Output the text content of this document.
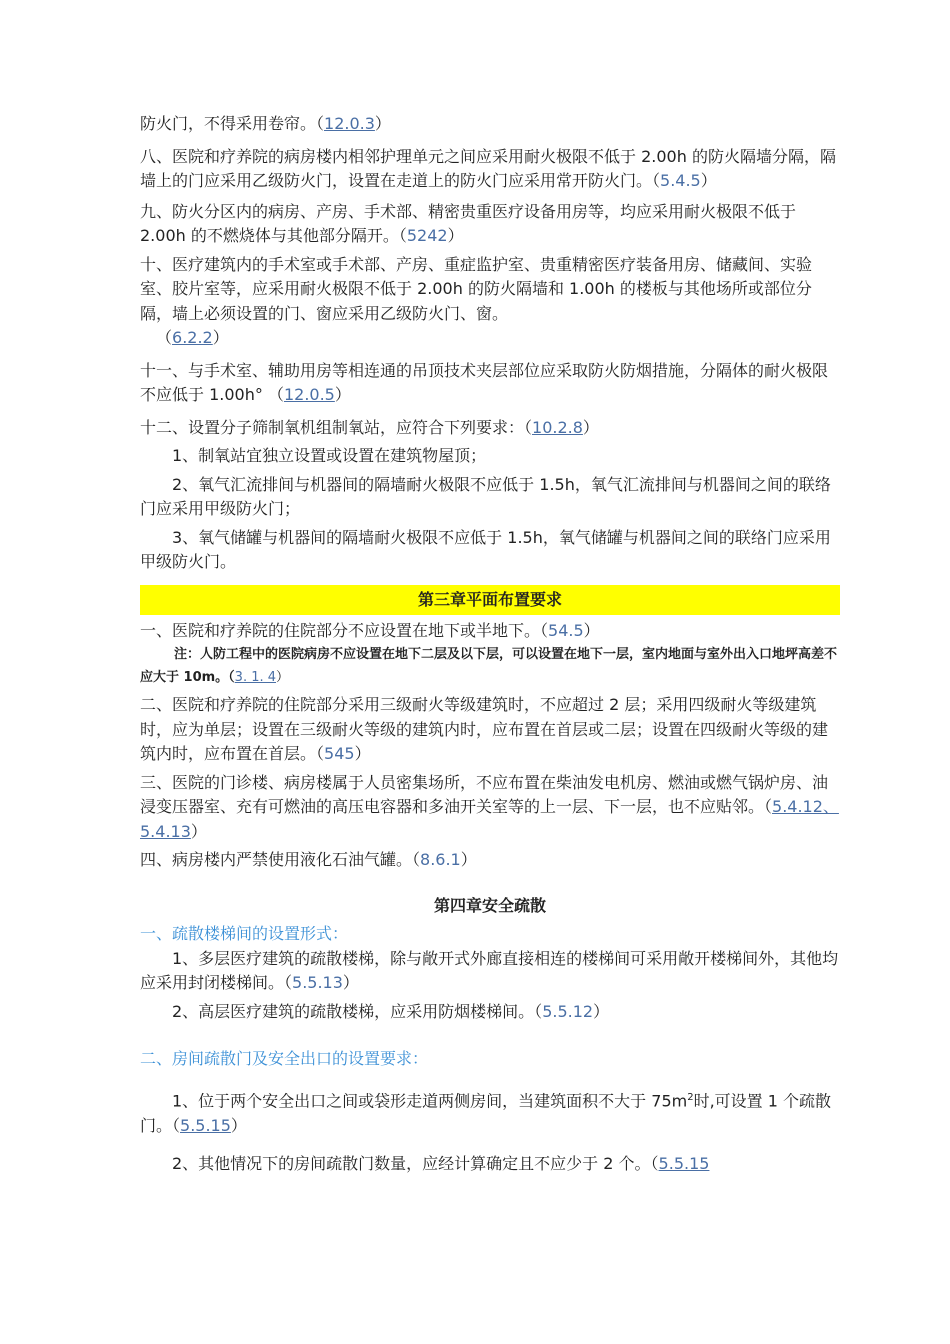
防火门，不得采用卷帘。（12.0.3）

八、医院和疗养院的病房楼内相邻护理单元之间应采用耐火极限不低于 2.00h 的防火隔墙分隔，隔墙上的门应采用乙级防火门，设置在走道上的防火门应采用常开防火门。（5.4.5）

九、防火分区内的病房、产房、手术部、精密贵重医疗设备用房等，均应采用耐火极限不低于 2.00h 的不燃烧体与其他部分隔开。（5242）

十、医疗建筑内的手术室或手术部、产房、重症监护室、贵重精密医疗装备用房、储藏间、实验室、胶片室等，应采用耐火极限不低于 2.00h 的防火隔墙和 1.00h 的楼板与其他场所或部位分隔，墙上必须设置的门、窗应采用乙级防火门、窗。
（6.2.2）

十一、与手术室、辅助用房等相连通的吊顶技术夹层部位应采取防火防烟措施，分隔体的耐火极限不应低于 1.00h° （12.0.5）

十二、设置分子筛制氧机组制氧站，应符合下列要求：（10.2.8）

1、制氧站宜独立设置或设置在建筑物屋顶；

2、氧气汇流排间与机器间的隔墙耐火极限不应低于 1.5h，氧气汇流排间与机器间之间的联络门应采用甲级防火门；

3、氧气储罐与机器间的隔墙耐火极限不应低于 1.5h，氧气储罐与机器间之间的联络门应采用甲级防火门。

第三章平面布置要求

一、医院和疗养院的住院部分不应设置在地下或半地下。（54.5）

注：人防工程中的医院病房不应设置在地下二层及以下层，可以设置在地下一层，室内地面与室外出入口地坪高差不应大于 10m。（3. 1. 4）

二、医院和疗养院的住院部分采用三级耐火等级建筑时，不应超过 2 层；采用四级耐火等级建筑时，应为单层；设置在三级耐火等级的建筑内时，应布置在首层或二层；设置在四级耐火等级的建筑内时，应布置在首层。（545）

三、医院的门诊楼、病房楼属于人员密集场所，不应布置在柴油发电机房、燃油或燃气锅炉房、油浸变压器室、充有可燃油的高压电容器和多油开关室等的上一层、下一层，也不应贴邻。（5.4.12、5.4.13）

四、病房楼内严禁使用液化石油气罐。（8.6.1）

第四章安全疏散

一、疏散楼梯间的设置形式：

1、多层医疗建筑的疏散楼梯，除与敞开式外廊直接相连的楼梯间可采用敞开楼梯间外，其他均应采用封闭楼梯间。（5.5.13）

2、高层医疗建筑的疏散楼梯，应采用防烟楼梯间。（5.5.12）

二、房间疏散门及安全出口的设置要求：

1、位于两个安全出口之间或袋形走道两侧房间，当建筑面积不大于 $75m^2$时,可设置 1 个疏散门。（5.5.15）

2、其他情况下的房间疏散门数量，应经计算确定且不应少于 2 个。（5.5.15
